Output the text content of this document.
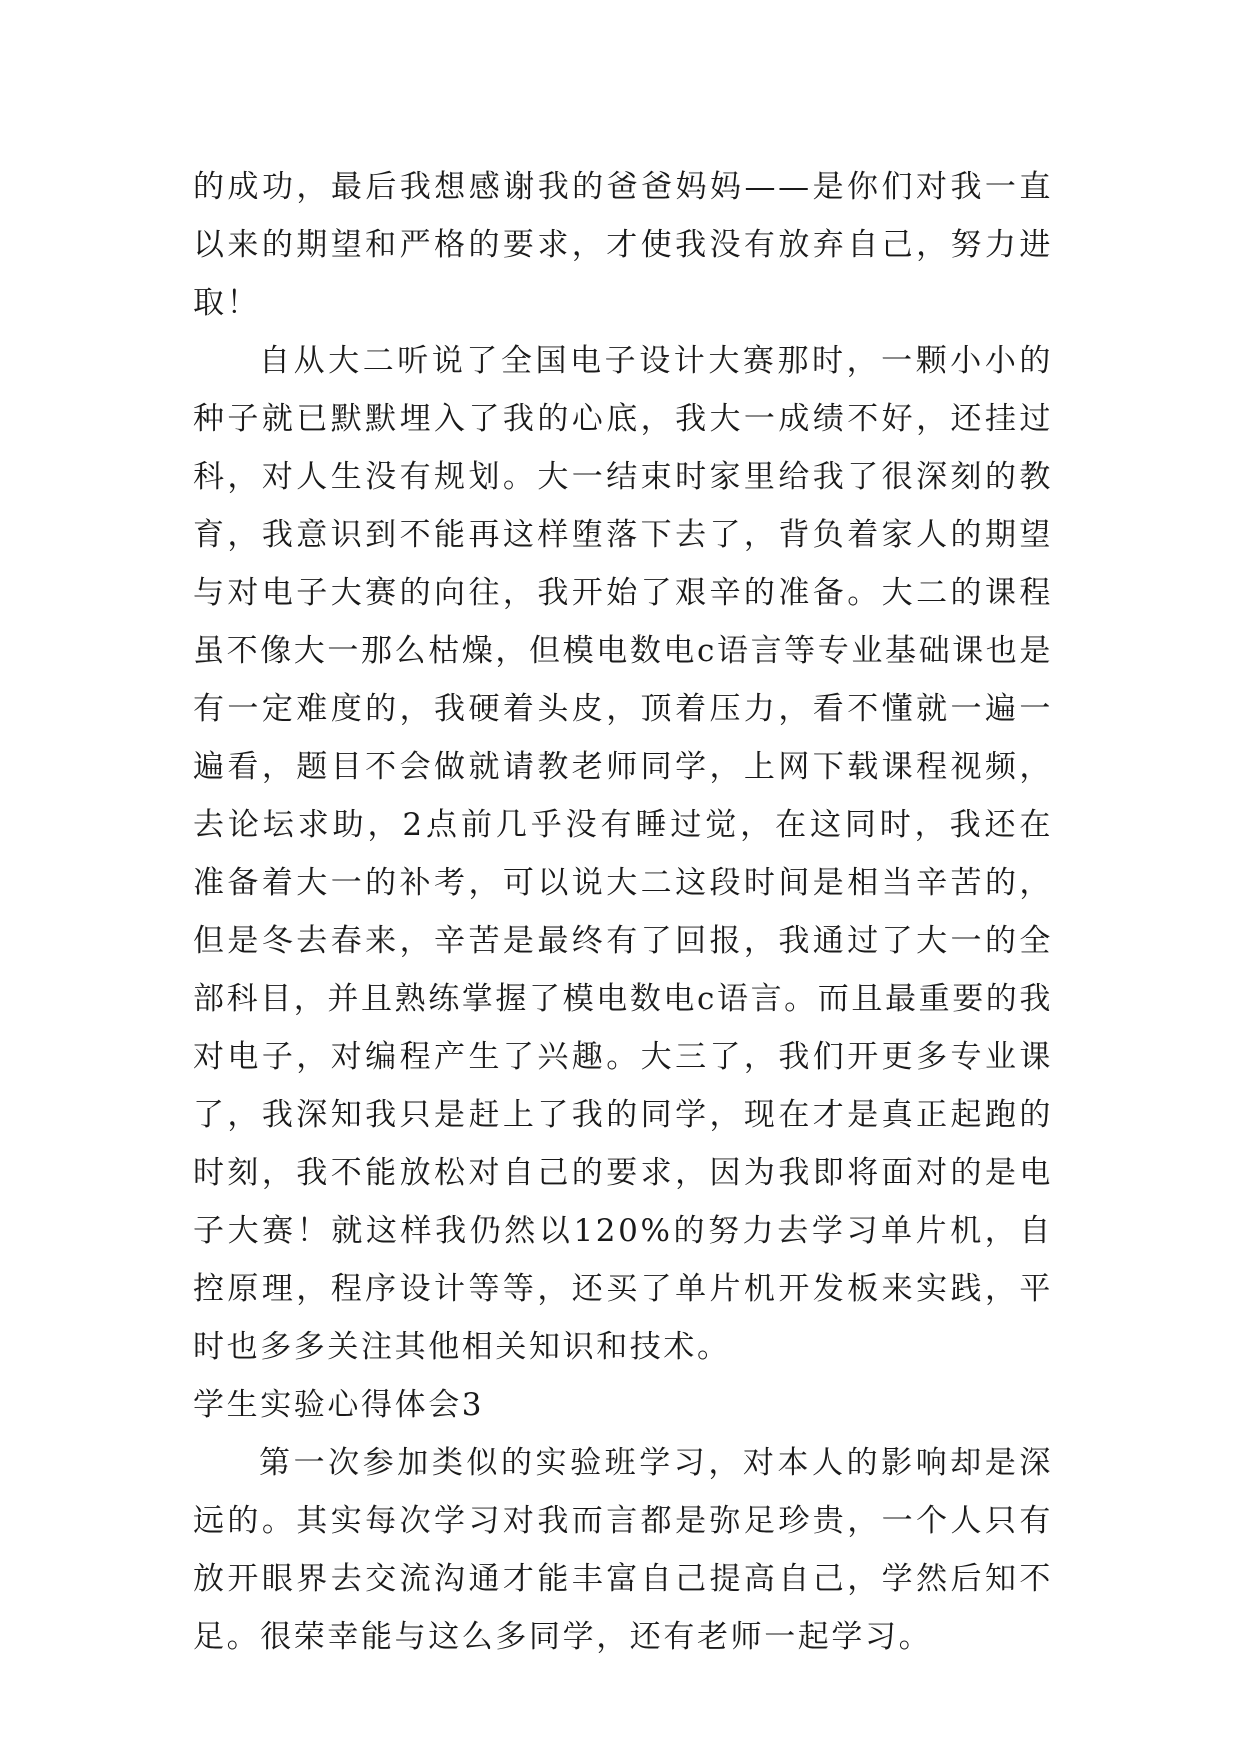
的成功，最后我想感谢我的爸爸妈妈——是你们对我一直以来的期望和严格的要求，才使我没有放弃自己，努力进取！

自从大二听说了全国电子设计大赛那时，一颗小小的种子就已默默埋入了我的心底，我大一成绩不好，还挂过科，对人生没有规划。大一结束时家里给我了很深刻的教育，我意识到不能再这样堕落下去了，背负着家人的期望与对电子大赛的向往，我开始了艰辛的准备。大二的课程虽不像大一那么枯燥，但模电数电c语言等专业基础课也是有一定难度的，我硬着头皮，顶着压力，看不懂就一遍一遍看，题目不会做就请教老师同学，上网下载课程视频，去论坛求助，2点前几乎没有睡过觉，在这同时，我还在准备着大一的补考，可以说大二这段时间是相当辛苦的，但是冬去春来，辛苦是最终有了回报，我通过了大一的全部科目，并且熟练掌握了模电数电c语言。而且最重要的我对电子，对编程产生了兴趣。大三了，我们开更多专业课了，我深知我只是赶上了我的同学，现在才是真正起跑的时刻，我不能放松对自己的要求，因为我即将面对的是电子大赛！就这样我仍然以120%的努力去学习单片机，自控原理，程序设计等等，还买了单片机开发板来实践，平时也多多关注其他相关知识和技术。

学生实验心得体会3

第一次参加类似的实验班学习，对本人的影响却是深远的。其实每次学习对我而言都是弥足珍贵，一个人只有放开眼界去交流沟通才能丰富自己提高自己，学然后知不足。很荣幸能与这么多同学，还有老师一起学习。
